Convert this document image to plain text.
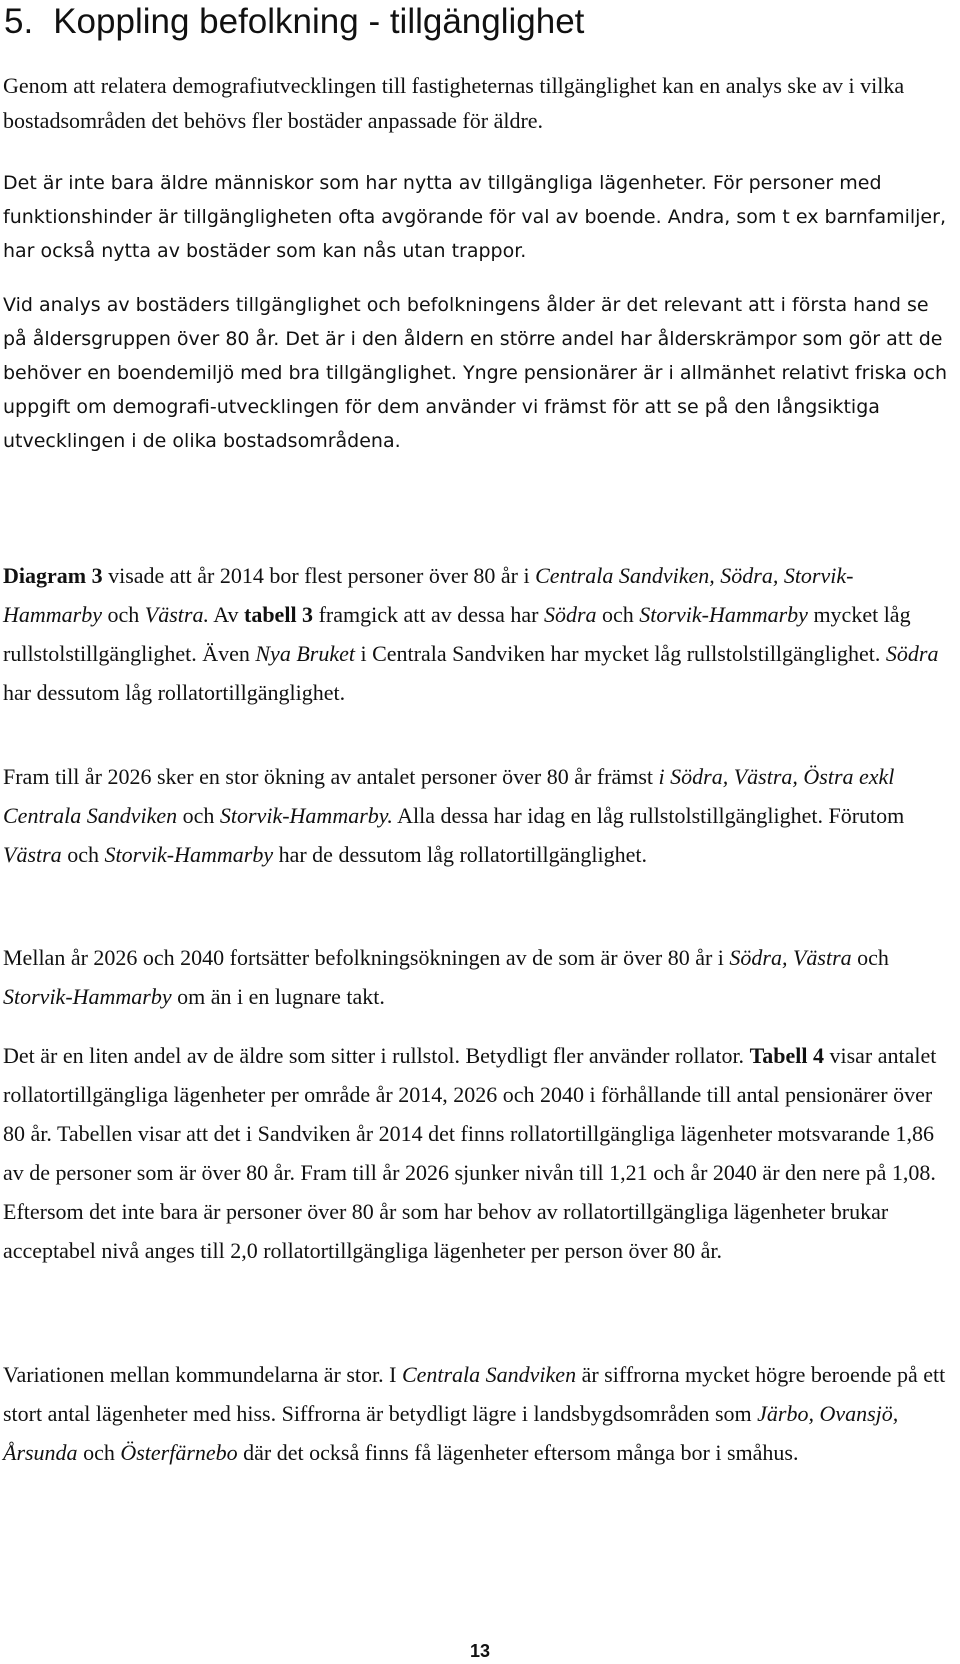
5. Koppling befolkning - tillgänglighet

Genom att relatera demografiutvecklingen till fastigheternas tillgänglighet kan en analys ske av i vilka bostadsområden det behövs fler bostäder anpassade för äldre.

Det är inte bara äldre människor som har nytta av tillgängliga lägenheter. För personer med funktionshinder är tillgängligheten ofta avgörande för val av boende. Andra, som t ex barnfamiljer, har också nytta av bostäder som kan nås utan trappor.

Vid analys av bostäders tillgänglighet och befolkningens ålder är det relevant att i första hand se på åldersgruppen över 80 år. Det är i den åldern en större andel har ålderskrämpor som gör att de behöver en boendemiljö med bra tillgänglighet. Yngre pensionärer är i allmänhet relativt friska och uppgift om demografi-utvecklingen för dem använder vi främst för att se på den långsiktiga utvecklingen i de olika bostadsområdena.

Diagram 3 visade att år 2014 bor flest personer över 80 år i Centrala Sandviken, Södra, Storvik-Hammarby och Västra. Av tabell 3 framgick att av dessa har Södra och Storvik-Hammarby mycket låg rullstolstillgänglighet. Även Nya Bruket i Centrala Sandviken har mycket låg rullstolstillgänglighet. Södra har dessutom låg rollatortillgänglighet.

Fram till år 2026 sker en stor ökning av antalet personer över 80 år främst i Södra, Västra, Östra exkl Centrala Sandviken och Storvik-Hammarby. Alla dessa har idag en låg rullstolstillgänglighet. Förutom Västra och Storvik-Hammarby har de dessutom låg rollatortillgänglighet.

Mellan år 2026 och 2040 fortsätter befolkningsökningen av de som är över 80 år i Södra, Västra och Storvik-Hammarby om än i en lugnare takt.

Det är en liten andel av de äldre som sitter i rullstol. Betydligt fler använder rollator. Tabell 4 visar antalet rollatortillgängliga lägenheter per område år 2014, 2026 och 2040 i förhållande till antal pensionärer över 80 år. Tabellen visar att det i Sandviken år 2014 det finns rollatortillgängliga lägenheter motsvarande 1,86 av de personer som är över 80 år. Fram till år 2026 sjunker nivån till 1,21 och år 2040 är den nere på 1,08. Eftersom det inte bara är personer över 80 år som har behov av rollatortillgängliga lägenheter brukar acceptabel nivå anges till 2,0 rollatortillgängliga lägenheter per person över 80 år.

Variationen mellan kommundelarna är stor. I Centrala Sandviken är siffrorna mycket högre beroende på ett stort antal lägenheter med hiss. Siffrorna är betydligt lägre i landsbygdsområden som Järbo, Ovansjö, Årsunda och Österfärnebo där det också finns få lägenheter eftersom många bor i småhus.

13
